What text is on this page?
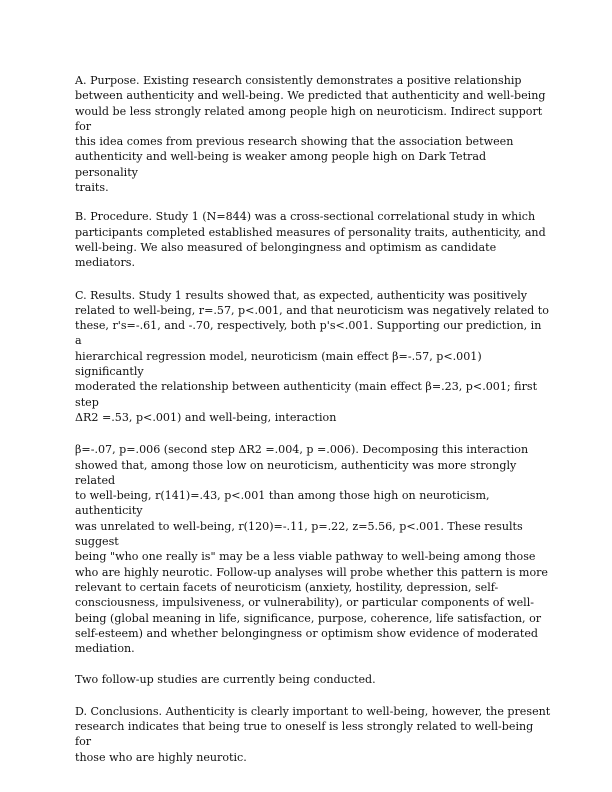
A. Purpose. Existing research consistently demonstrates a positive relationship
between authenticity and well-being. We predicted that authenticity and well-being
would be less strongly related among people high on neuroticism. Indirect support for
this idea comes from previous research showing that the association between
authenticity and well-being is weaker among people high on Dark Tetrad personality
traits.

B. Procedure. Study 1 (N=844) was a cross-sectional correlational study in which
participants completed established measures of personality traits, authenticity, and
well-being. We also measured of belongingness and optimism as candidate mediators.

C. Results. Study 1 results showed that, as expected, authenticity was positively
related to well-being, r=.57, p<.001, and that neuroticism was negatively related to
these, r's=-.61, and -.70, respectively, both p's<.001. Supporting our prediction, in a
hierarchical regression model, neuroticism (main effect β=-.57, p<.001) significantly
moderated the relationship between authenticity (main effect β=.23, p<.001; first step
ΔR2 =.53, p<.001) and well-being, interaction

β=-.07, p=.006 (second step ΔR2 =.004, p =.006). Decomposing this interaction
showed that, among those low on neuroticism, authenticity was more strongly related
to well-being, r(141)=.43, p<.001 than among those high on neuroticism, authenticity
was unrelated to well-being, r(120)=-.11, p=.22, z=5.56, p<.001. These results suggest
being "who one really is" may be a less viable pathway to well-being among those
who are highly neurotic. Follow-up analyses will probe whether this pattern is more
relevant to certain facets of neuroticism (anxiety, hostility, depression, self-
consciousness, impulsiveness, or vulnerability), or particular components of well-
being (global meaning in life, significance, purpose, coherence, life satisfaction, or
self-esteem) and whether belongingness or optimism show evidence of moderated
mediation.

Two follow-up studies are currently being conducted.

D. Conclusions. Authenticity is clearly important to well-being, however, the present
research indicates that being true to oneself is less strongly related to well-being for
those who are highly neurotic.
